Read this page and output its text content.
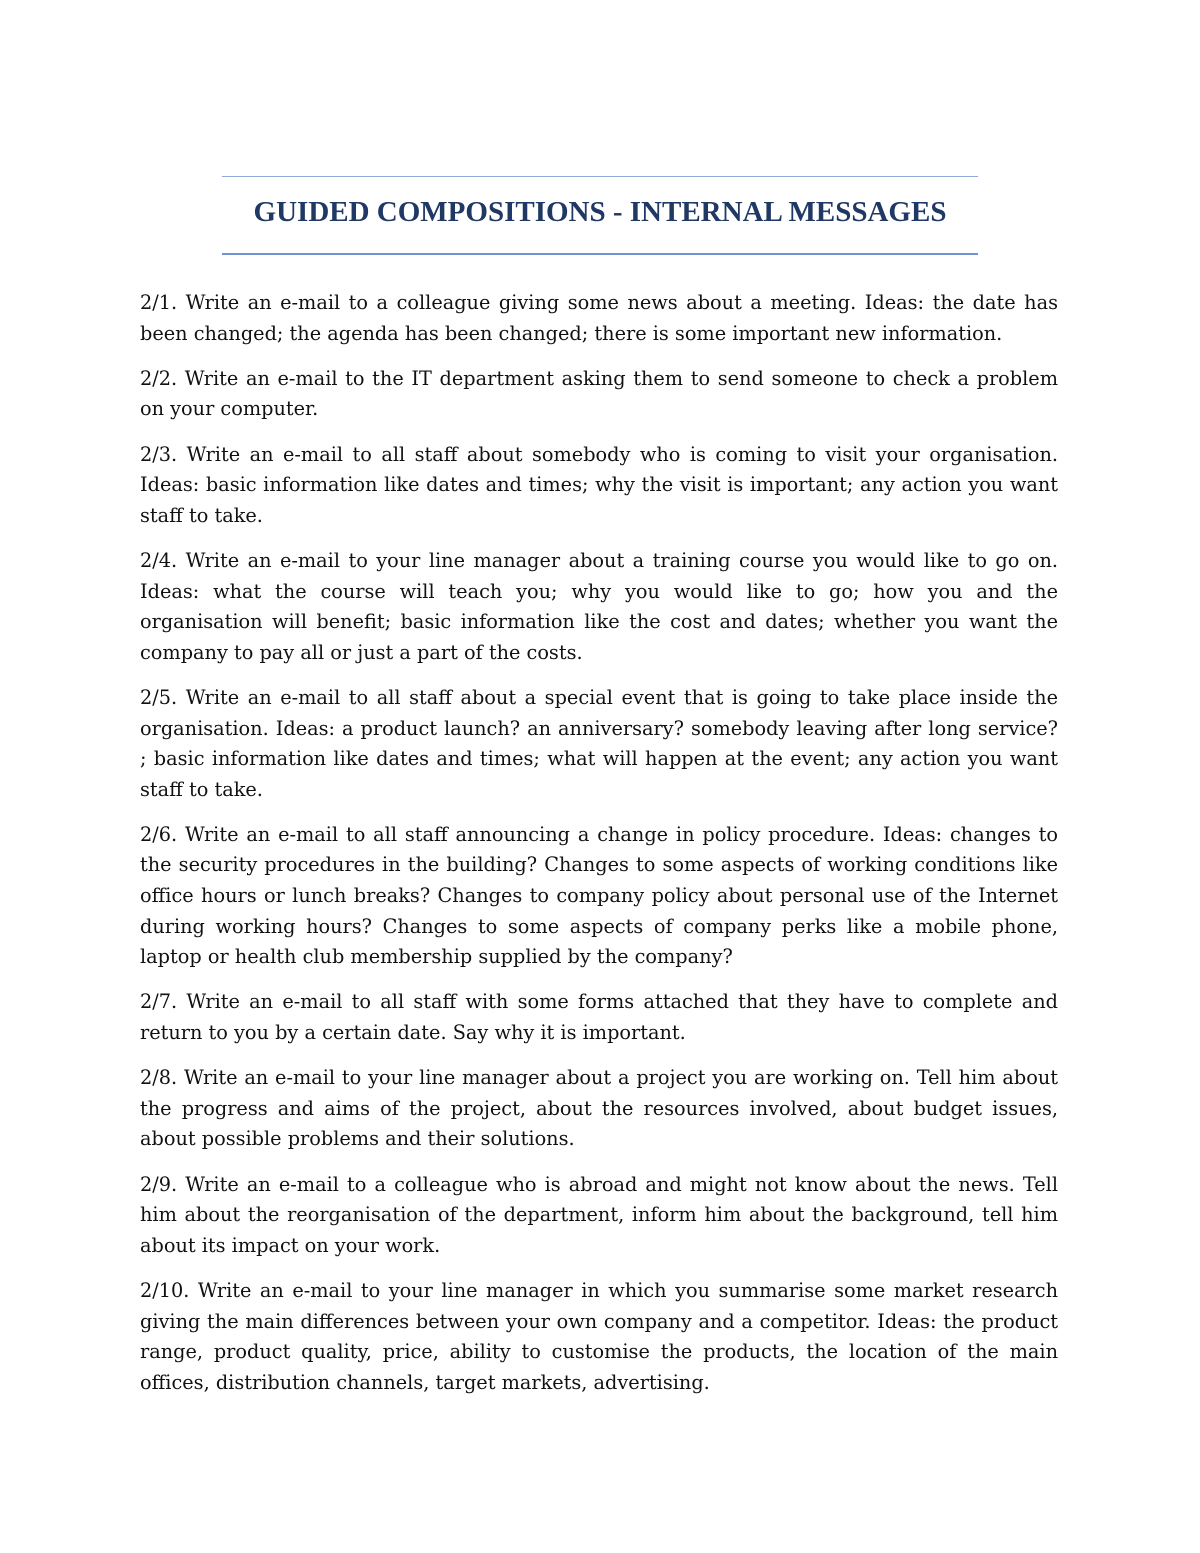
GUIDED COMPOSITIONS - INTERNAL MESSAGES

2/1. Write an e-mail to a colleague giving some news about a meeting. Ideas: the date has been changed; the agenda has been changed; there is some important new information.

2/2. Write an e-mail to the IT department asking them to send someone to check a problem on your computer.

2/3. Write an e-mail to all staff about somebody who is coming to visit your organisation. Ideas: basic information like dates and times; why the visit is important; any action you want staff to take.

2/4. Write an e-mail to your line manager about a training course you would like to go on. Ideas: what the course will teach you; why you would like to go; how you and the organisation will benefit; basic information like the cost and dates; whether you want the company to pay all or just a part of the costs.

2/5. Write an e-mail to all staff about a special event that is going to take place inside the organisation. Ideas: a product launch? an anniversary? somebody leaving after long service? ; basic information like dates and times; what will happen at the event; any action you want staff to take.

2/6. Write an e-mail to all staff announcing a change in policy procedure. Ideas: changes to the security procedures in the building? Changes to some aspects of working conditions like office hours or lunch breaks? Changes to company policy about personal use of the Internet during working hours? Changes to some aspects of company perks like a mobile phone, laptop or health club membership supplied by the company?

2/7. Write an e-mail to all staff with some forms attached that they have to complete and return to you by a certain date. Say why it is important.

2/8. Write an e-mail to your line manager about a project you are working on. Tell him about the progress and aims of the project, about the resources involved, about budget issues, about possible problems and their solutions.

2/9. Write an e-mail to a colleague who is abroad and might not know about the news. Tell him about the reorganisation of the department, inform him about the background, tell him about its impact on your work.

2/10. Write an e-mail to your line manager in which you summarise some market research giving the main differences between your own company and a competitor. Ideas: the product range, product quality, price, ability to customise the products, the location of the main offices, distribution channels, target markets, advertising.
